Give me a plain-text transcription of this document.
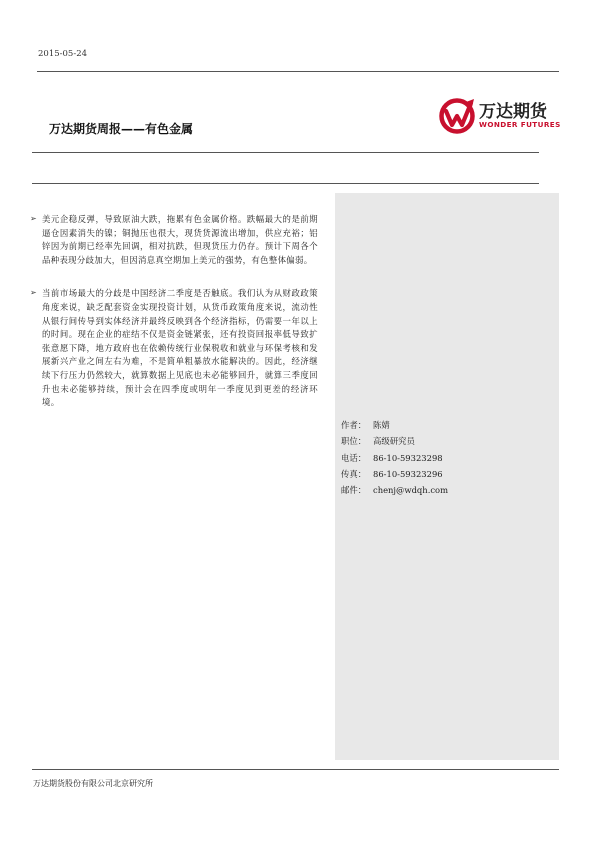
2015-05-24
万达期货周报——有色金属
万达期货
WONDER FUTURES
➢ 美元企稳反弹，导致原油大跌，拖累有色金属价格。跌幅最大的是前期逼仓因素消失的镍；铜抛压也很大，现货货源流出增加，供应充裕；铝锌因为前期已经率先回调，相对抗跌，但现货压力仍存。预计下周各个品种表现分歧加大，但因消息真空期加上美元的强势，有色整体偏弱。

➢ 当前市场最大的分歧是中国经济二季度是否触底。我们认为从财政政策角度来说，缺乏配套资金实现投资计划，从货币政策角度来说，流动性从银行间传导到实体经济并最终反映到各个经济指标，仍需要一年以上的时间。现在企业的症结不仅是资金链紧张，还有投资回报率低导致扩张意愿下降，地方政府也在依赖传统行业保税收和就业与环保考核和发展新兴产业之间左右为难，不是简单粗暴放水能解决的。因此，经济继续下行压力仍然较大，就算数据上见底也未必能够回升，就算三季度回升也未必能够持续，预计会在四季度或明年一季度见到更差的经济环境。

作者： 陈婧
职位： 高级研究员
电话： 86-10-59323298
传真： 86-10-59323296
邮件： chenj@wdqh.com
万达期货股份有限公司北京研究所
